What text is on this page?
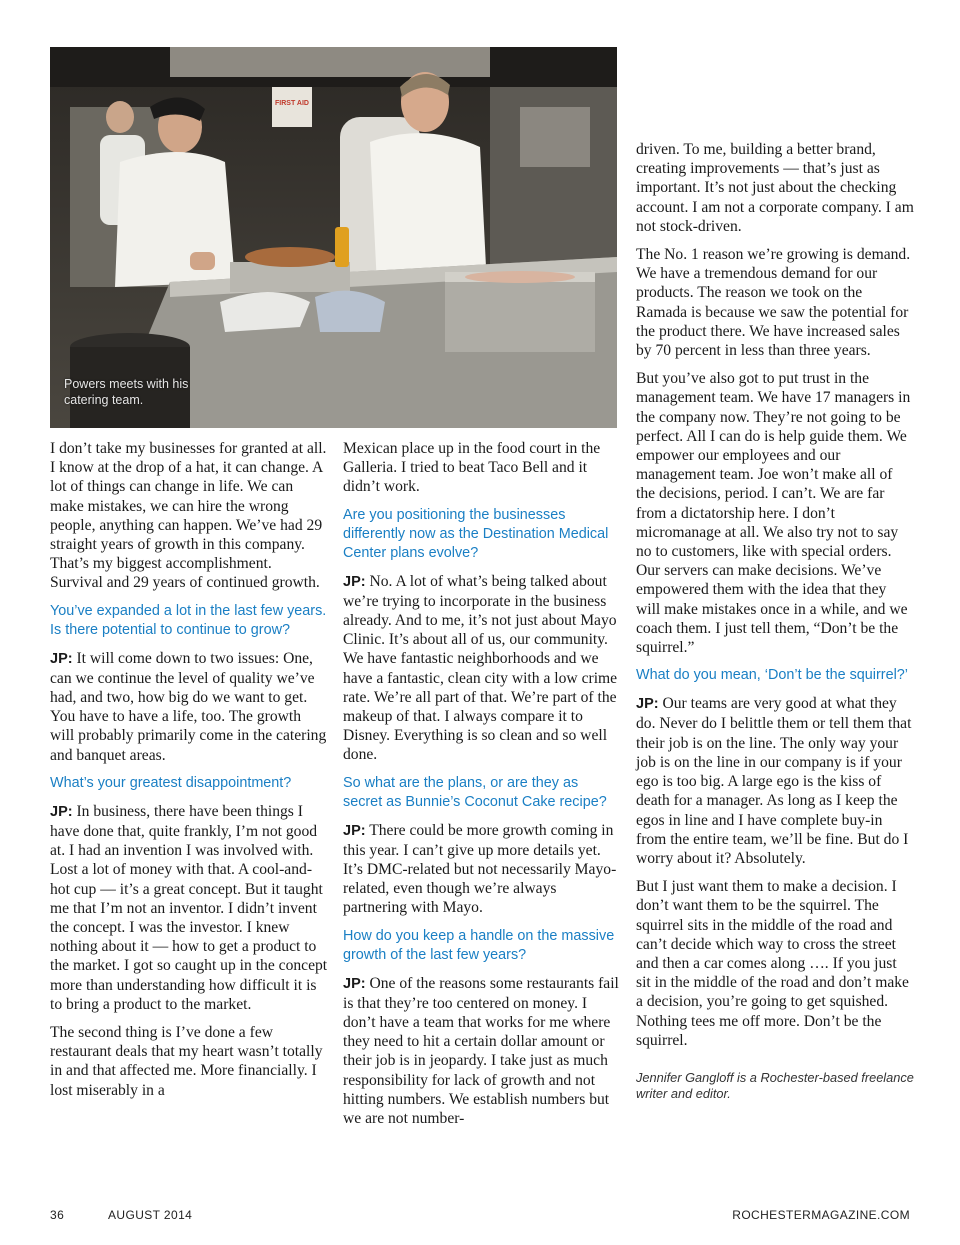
FIRST AID
Powers meets with his catering team.

I don’t take my businesses for granted at all. I know at the drop of a hat, it can change. A lot of things can change in life. We can make mistakes, we can hire the wrong people, anything can happen. We’ve had 29 straight years of growth in this company. That’s my biggest accomplishment. Survival and 29 years of continued growth.

You’ve expanded a lot in the last few years. Is there potential to continue to grow?

JP: It will come down to two issues: One, can we continue the level of quality we’ve had, and two, how big do we want to get. You have to have a life, too. The growth will probably primarily come in the catering and banquet areas.

What’s your greatest disappointment?

JP: In business, there have been things I have done that, quite frankly, I’m not good at. I had an invention I was involved with. Lost a lot of money with that. A cool-and-hot cup — it’s a great concept. But it taught me that I’m not an inventor. I didn’t invent the concept. I was the investor. I knew nothing about it — how to get a product to the market. I got so caught up in the concept more than understanding how difficult it is to bring a product to the market.

The second thing is I’ve done a few restaurant deals that my heart wasn’t totally in and that affected me. More financially. I lost miserably in a

Mexican place up in the food court in the Galleria. I tried to beat Taco Bell and it didn’t work.

Are you positioning the businesses differently now as the Destination Medical Center plans evolve?

JP: No. A lot of what’s being talked about we’re trying to incorporate in the business already. And to me, it’s not just about Mayo Clinic. It’s about all of us, our community. We have fantastic neighborhoods and we have a fantastic, clean city with a low crime rate. We’re all part of that. We’re part of the makeup of that. I always compare it to Disney. Everything is so clean and so well done.

So what are the plans, or are they as secret as Bunnie’s Coconut Cake recipe?

JP: There could be more growth coming in this year. I can’t give up more details yet. It’s DMC-related but not necessarily Mayo-related, even though we’re always partnering with Mayo.

How do you keep a handle on the massive growth of the last few years?

JP: One of the reasons some restaurants fail is that they’re too centered on money. I don’t have a team that works for me where they need to hit a certain dollar amount or their job is in jeopardy. I take just as much responsibility for lack of growth and not hitting numbers. We establish numbers but we are not number-

driven. To me, building a better brand, creating improvements — that’s just as important. It’s not just about the checking account. I am not a corporate company. I am not stock-driven.

The No. 1 reason we’re growing is demand. We have a tremendous demand for our products. The reason we took on the Ramada is because we saw the potential for the product there. We have increased sales by 70 percent in less than three years.

But you’ve also got to put trust in the management team. We have 17 managers in the company now. They’re not going to be perfect. All I can do is help guide them. We empower our employees and our management team. Joe won’t make all of the decisions, period. I can’t. We are far from a dictatorship here. I don’t micromanage at all. We also try not to say no to customers, like with special orders. Our servers can make decisions. We’ve empowered them with the idea that they will make mistakes once in a while, and we coach them. I just tell them, “Don’t be the squirrel.”

What do you mean, ‘Don’t be the squirrel?’

JP: Our teams are very good at what they do. Never do I belittle them or tell them that their job is on the line. The only way your job is on the line in our company is if your ego is too big. A large ego is the kiss of death for a manager. As long as I keep the egos in line and I have complete buy-in from the entire team, we’ll be fine. But do I worry about it? Absolutely.

But I just want them to make a decision. I don’t want them to be the squirrel. The squirrel sits in the middle of the road and can’t decide which way to cross the street and then a car comes along …. If you just sit in the middle of the road and don’t make a decision, you’re going to get squished. Nothing tees me off more. Don’t be the squirrel.

Jennifer Gangloff is a Rochester-based freelance writer and editor.

36	AUGUST 2014	ROCHESTERMAGAZINE.COM
